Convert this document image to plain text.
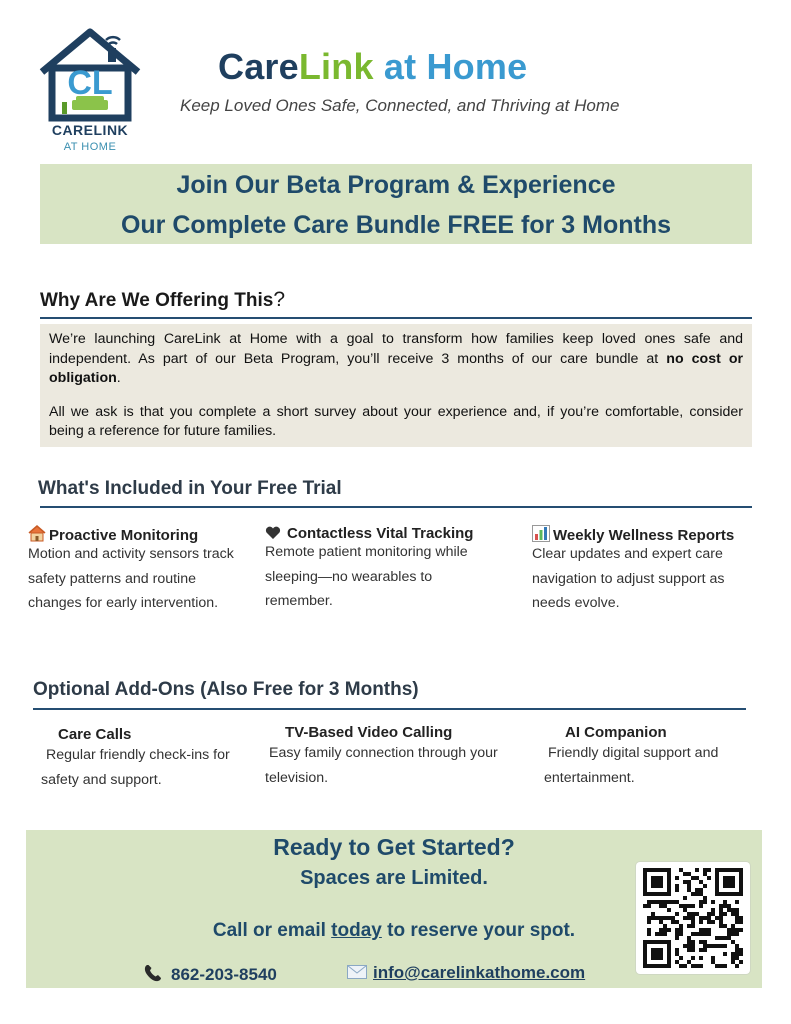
CL
CARELINK
AT HOME
CareLink at Home
Keep Loved Ones Safe, Connected, and Thriving at Home
Join Our Beta Program & Experience
Our Complete Care Bundle FREE for 3 Months
Why Are We Offering This?

We’re launching CareLink at Home with a goal to transform how families keep loved ones safe and independent. As part of our Beta Program, you’ll receive 3 months of our care bundle at no cost or obligation.

All we ask is that you complete a short survey about your experience and, if you’re comfortable, consider being a reference for future families.

What's Included in Your Free Trial
Proactive Monitoring
Motion and activity sensors track safety patterns and routine changes for early intervention.
Contactless Vital Tracking
Remote patient monitoring while sleeping—no wearables to remember.
Weekly Wellness Reports
Clear updates and expert care navigation to adjust support as needs evolve.
Optional Add-Ons (Also Free for 3 Months)
Care Calls
Regular friendly check-ins for safety and support.
TV-Based Video Calling
Easy family connection through your television.
AI Companion
Friendly digital support and entertainment.
Ready to Get Started?
Spaces are Limited.
Call or email today to reserve your spot.
862-203-8540	info@carelinkathome.com
